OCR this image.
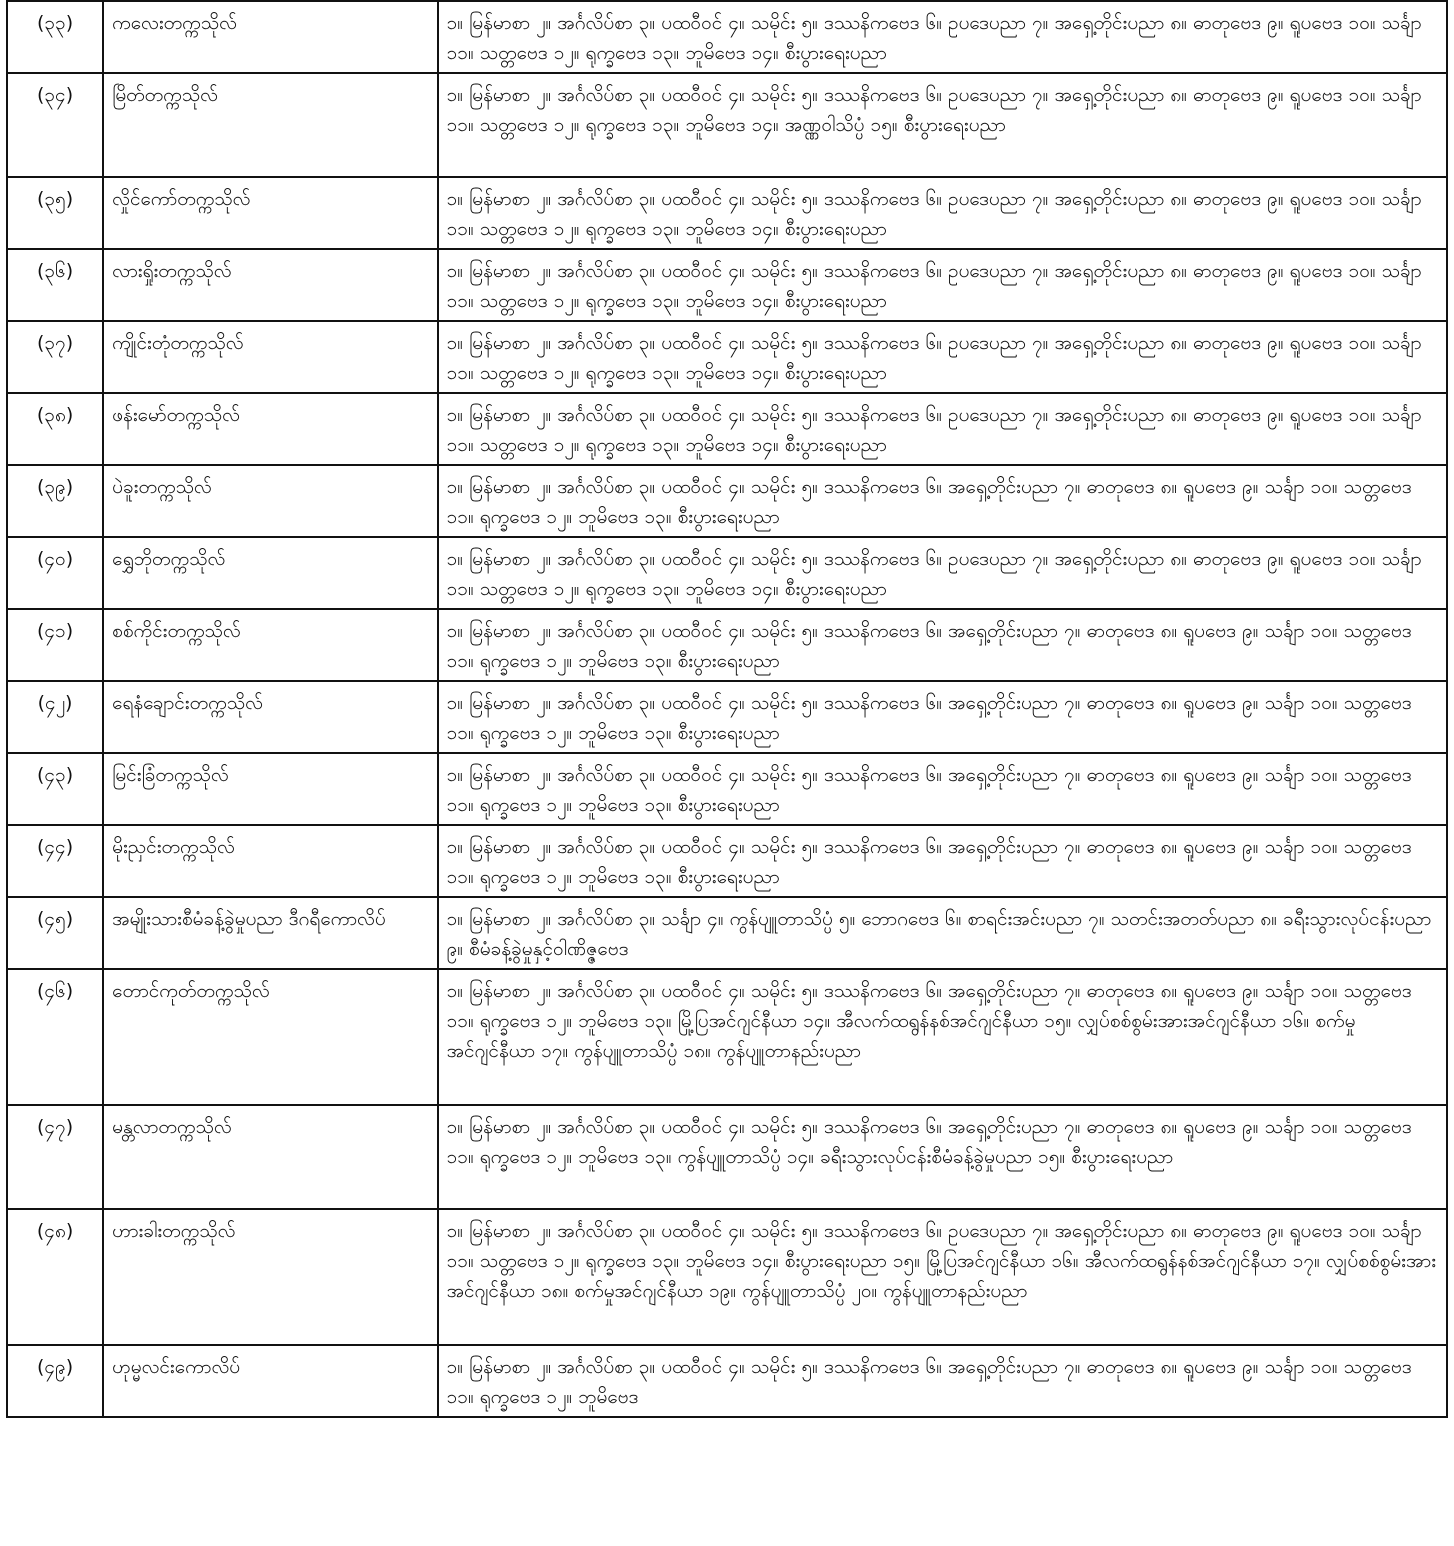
(၃၃)	ကလေးတက္ကသိုလ်	၁။ မြန်မာစာ ၂။ အင်္ဂလိပ်စာ ၃။ ပထဝီဝင် ၄။ သမိုင်း ၅။ ဒဿနိကဗေဒ ၆။ ဥပဒေပညာ ၇။ အရှေ့တိုင်းပညာ ၈။ ဓာတုဗေဒ ၉။ ရူပဗေဒ ၁၀။ သင်္ချာ ၁၁။ သတ္တဗေဒ ၁၂။ ရုက္ခဗေဒ ၁၃။ ဘူမိဗေဒ ၁၄။ စီးပွားရေးပညာ
(၃၄)	မြိတ်တက္ကသိုလ်	၁။ မြန်မာစာ ၂။ အင်္ဂလိပ်စာ ၃။ ပထဝီဝင် ၄။ သမိုင်း ၅။ ဒဿနိကဗေဒ ၆။ ဥပဒေပညာ ၇။ အရှေ့တိုင်းပညာ ၈။ ဓာတုဗေဒ ၉။ ရူပဗေဒ ၁၀။ သင်္ချာ ၁၁။ သတ္တဗေဒ ၁၂။ ရုက္ခဗေဒ ၁၃။ ဘူမိဗေဒ ၁၄။ အဏ္ဏဝါသိပ္ပံ ၁၅။ စီးပွားရေးပညာ
(၃၅)	လှိုင်ကော်တက္ကသိုလ်	၁။ မြန်မာစာ ၂။ အင်္ဂလိပ်စာ ၃။ ပထဝီဝင် ၄။ သမိုင်း ၅။ ဒဿနိကဗေဒ ၆။ ဥပဒေပညာ ၇။ အရှေ့တိုင်းပညာ ၈။ ဓာတုဗေဒ ၉။ ရူပဗေဒ ၁၀။ သင်္ချာ ၁၁။ သတ္တဗေဒ ၁၂။ ရုက္ခဗေဒ ၁၃။ ဘူမိဗေဒ ၁၄။ စီးပွားရေးပညာ
(၃၆)	လားရှိုးတက္ကသိုလ်	၁။ မြန်မာစာ ၂။ အင်္ဂလိပ်စာ ၃။ ပထဝီဝင် ၄။ သမိုင်း ၅။ ဒဿနိကဗေဒ ၆။ ဥပဒေပညာ ၇။ အရှေ့တိုင်းပညာ ၈။ ဓာတုဗေဒ ၉။ ရူပဗေဒ ၁၀။ သင်္ချာ ၁၁။ သတ္တဗေဒ ၁၂။ ရုက္ခဗေဒ ၁၃။ ဘူမိဗေဒ ၁၄။ စီးပွားရေးပညာ
(၃၇)	ကျိုင်းတုံတက္ကသိုလ်	၁။ မြန်မာစာ ၂။ အင်္ဂလိပ်စာ ၃။ ပထဝီဝင် ၄။ သမိုင်း ၅။ ဒဿနိကဗေဒ ၆။ ဥပဒေပညာ ၇။ အရှေ့တိုင်းပညာ ၈။ ဓာတုဗေဒ ၉။ ရူပဗေဒ ၁၀။ သင်္ချာ ၁၁။ သတ္တဗေဒ ၁၂။ ရုက္ခဗေဒ ၁၃။ ဘူမိဗေဒ ၁၄။ စီးပွားရေးပညာ
(၃၈)	ဖန်းမော်တက္ကသိုလ်	၁။ မြန်မာစာ ၂။ အင်္ဂလိပ်စာ ၃။ ပထဝီဝင် ၄။ သမိုင်း ၅။ ဒဿနိကဗေဒ ၆။ ဥပဒေပညာ ၇။ အရှေ့တိုင်းပညာ ၈။ ဓာတုဗေဒ ၉။ ရူပဗေဒ ၁၀။ သင်္ချာ ၁၁။ သတ္တဗေဒ ၁၂။ ရုက္ခဗေဒ ၁၃။ ဘူမိဗေဒ ၁၄။ စီးပွားရေးပညာ
(၃၉)	ပဲခူးတက္ကသိုလ်	၁။ မြန်မာစာ ၂။ အင်္ဂလိပ်စာ ၃။ ပထဝီဝင် ၄။ သမိုင်း ၅။ ဒဿနိကဗေဒ ၆။ အရှေ့တိုင်းပညာ ၇။ ဓာတုဗေဒ ၈။ ရူပဗေဒ ၉။ သင်္ချာ ၁၀။ သတ္တဗေဒ ၁၁။ ရုက္ခဗေဒ ၁၂။ ဘူမိဗေဒ ၁၃။ စီးပွားရေးပညာ
(၄၀)	ရွှေဘိုတက္ကသိုလ်	၁။ မြန်မာစာ ၂။ အင်္ဂလိပ်စာ ၃။ ပထဝီဝင် ၄။ သမိုင်း ၅။ ဒဿနိကဗေဒ ၆။ ဥပဒေပညာ ၇။ အရှေ့တိုင်းပညာ ၈။ ဓာတုဗေဒ ၉။ ရူပဗေဒ ၁၀။ သင်္ချာ ၁၁။ သတ္တဗေဒ ၁၂။ ရုက္ခဗေဒ ၁၃။ ဘူမိဗေဒ ၁၄။ စီးပွားရေးပညာ
(၄၁)	စစ်ကိုင်းတက္ကသိုလ်	၁။ မြန်မာစာ ၂။ အင်္ဂလိပ်စာ ၃။ ပထဝီဝင် ၄။ သမိုင်း ၅။ ဒဿနိကဗေဒ ၆။ အရှေ့တိုင်းပညာ ၇။ ဓာတုဗေဒ ၈။ ရူပဗေဒ ၉။ သင်္ချာ ၁၀။ သတ္တဗေဒ ၁၁။ ရုက္ခဗေဒ ၁၂။ ဘူမိဗေဒ ၁၃။ စီးပွားရေးပညာ
(၄၂)	ရေနံချောင်းတက္ကသိုလ်	၁။ မြန်မာစာ ၂။ အင်္ဂလိပ်စာ ၃။ ပထဝီဝင် ၄။ သမိုင်း ၅။ ဒဿနိကဗေဒ ၆။ အရှေ့တိုင်းပညာ ၇။ ဓာတုဗေဒ ၈။ ရူပဗေဒ ၉။ သင်္ချာ ၁၀။ သတ္တဗေဒ ၁၁။ ရုက္ခဗေဒ ၁၂။ ဘူမိဗေဒ ၁၃။ စီးပွားရေးပညာ
(၄၃)	မြင်းခြံတက္ကသိုလ်	၁။ မြန်မာစာ ၂။ အင်္ဂလိပ်စာ ၃။ ပထဝီဝင် ၄။ သမိုင်း ၅။ ဒဿနိကဗေဒ ၆။ အရှေ့တိုင်းပညာ ၇။ ဓာတုဗေဒ ၈။ ရူပဗေဒ ၉။ သင်္ချာ ၁၀။ သတ္တဗေဒ ၁၁။ ရုက္ခဗေဒ ၁၂။ ဘူမိဗေဒ ၁၃။ စီးပွားရေးပညာ
(၄၄)	မိုးညှင်းတက္ကသိုလ်	၁။ မြန်မာစာ ၂။ အင်္ဂလိပ်စာ ၃။ ပထဝီဝင် ၄။ သမိုင်း ၅။ ဒဿနိကဗေဒ ၆။ အရှေ့တိုင်းပညာ ၇။ ဓာတုဗေဒ ၈။ ရူပဗေဒ ၉။ သင်္ချာ ၁၀။ သတ္တဗေဒ ၁၁။ ရုက္ခဗေဒ ၁၂။ ဘူမိဗေဒ ၁၃။ စီးပွားရေးပညာ
(၄၅)	အမျိုးသားစီမံခန့်ခွဲမှုပညာ ဒီဂရီကောလိပ်	၁။ မြန်မာစာ ၂။ အင်္ဂလိပ်စာ ၃။ သင်္ချာ ၄။ ကွန်ပျူတာသိပ္ပံ ၅။ ဘောဂဗေဒ ၆။ စာရင်းအင်းပညာ ၇။ သတင်းအတတ်ပညာ ၈။ ခရီးသွားလုပ်ငန်းပညာ ၉။ စီမံခန့်ခွဲမှုနှင့်ဝါဏိဇ္ဇဗေဒ
(၄၆)	တောင်ကုတ်တက္ကသိုလ်	၁။ မြန်မာစာ ၂။ အင်္ဂလိပ်စာ ၃။ ပထဝီဝင် ၄။ သမိုင်း ၅။ ဒဿနိကဗေဒ ၆။ အရှေ့တိုင်းပညာ ၇။ ဓာတုဗေဒ ၈။ ရူပဗေဒ ၉။ သင်္ချာ ၁၀။ သတ္တဗေဒ ၁၁။ ရုက္ခဗေဒ ၁၂။ ဘူမိဗေဒ ၁၃။ မြို့ပြအင်ဂျင်နီယာ ၁၄။ အီလက်ထရွန်နစ်အင်ဂျင်နီယာ ၁၅။ လျှပ်စစ်စွမ်းအားအင်ဂျင်နီယာ ၁၆။ စက်မှုအင်ဂျင်နီယာ ၁၇။ ကွန်ပျူတာသိပ္ပံ ၁၈။ ကွန်ပျူတာနည်းပညာ
(၄၇)	မန္တလာတက္ကသိုလ်	၁။ မြန်မာစာ ၂။ အင်္ဂလိပ်စာ ၃။ ပထဝီဝင် ၄။ သမိုင်း ၅။ ဒဿနိကဗေဒ ၆။ အရှေ့တိုင်းပညာ ၇။ ဓာတုဗေဒ ၈။ ရူပဗေဒ ၉။ သင်္ချာ ၁၀။ သတ္တဗေဒ ၁၁။ ရုက္ခဗေဒ ၁၂။ ဘူမိဗေဒ ၁၃။ ကွန်ပျူတာသိပ္ပံ ၁၄။ ခရီးသွားလုပ်ငန်းစီမံခန့်ခွဲမှုပညာ ၁၅။ စီးပွားရေးပညာ
(၄၈)	ဟားခါးတက္ကသိုလ်	၁။ မြန်မာစာ ၂။ အင်္ဂလိပ်စာ ၃။ ပထဝီဝင် ၄။ သမိုင်း ၅။ ဒဿနိကဗေဒ ၆။ ဥပဒေပညာ ၇။ အရှေ့တိုင်းပညာ ၈။ ဓာတုဗေဒ ၉။ ရူပဗေဒ ၁၀။ သင်္ချာ ၁၁။ သတ္တဗေဒ ၁၂။ ရုက္ခဗေဒ ၁၃။ ဘူမိဗေဒ ၁၄။ စီးပွားရေးပညာ ၁၅။ မြို့ပြအင်ဂျင်နီယာ ၁၆။ အီလက်ထရွန်နစ်အင်ဂျင်နီယာ ၁၇။ လျှပ်စစ်စွမ်းအားအင်ဂျင်နီယာ ၁၈။ စက်မှုအင်ဂျင်နီယာ ၁၉။ ကွန်ပျူတာသိပ္ပံ ၂၀။ ကွန်ပျူတာနည်းပညာ
(၄၉)	ဟုမ္မလင်းကောလိပ်	၁။ မြန်မာစာ ၂။ အင်္ဂလိပ်စာ ၃။ ပထဝီဝင် ၄။ သမိုင်း ၅။ ဒဿနိကဗေဒ ၆။ အရှေ့တိုင်းပညာ ၇။ ဓာတုဗေဒ ၈။ ရူပဗေဒ ၉။ သင်္ချာ ၁၀။ သတ္တဗေဒ ၁၁။ ရုက္ခဗေဒ ၁၂။ ဘူမိဗေဒ
